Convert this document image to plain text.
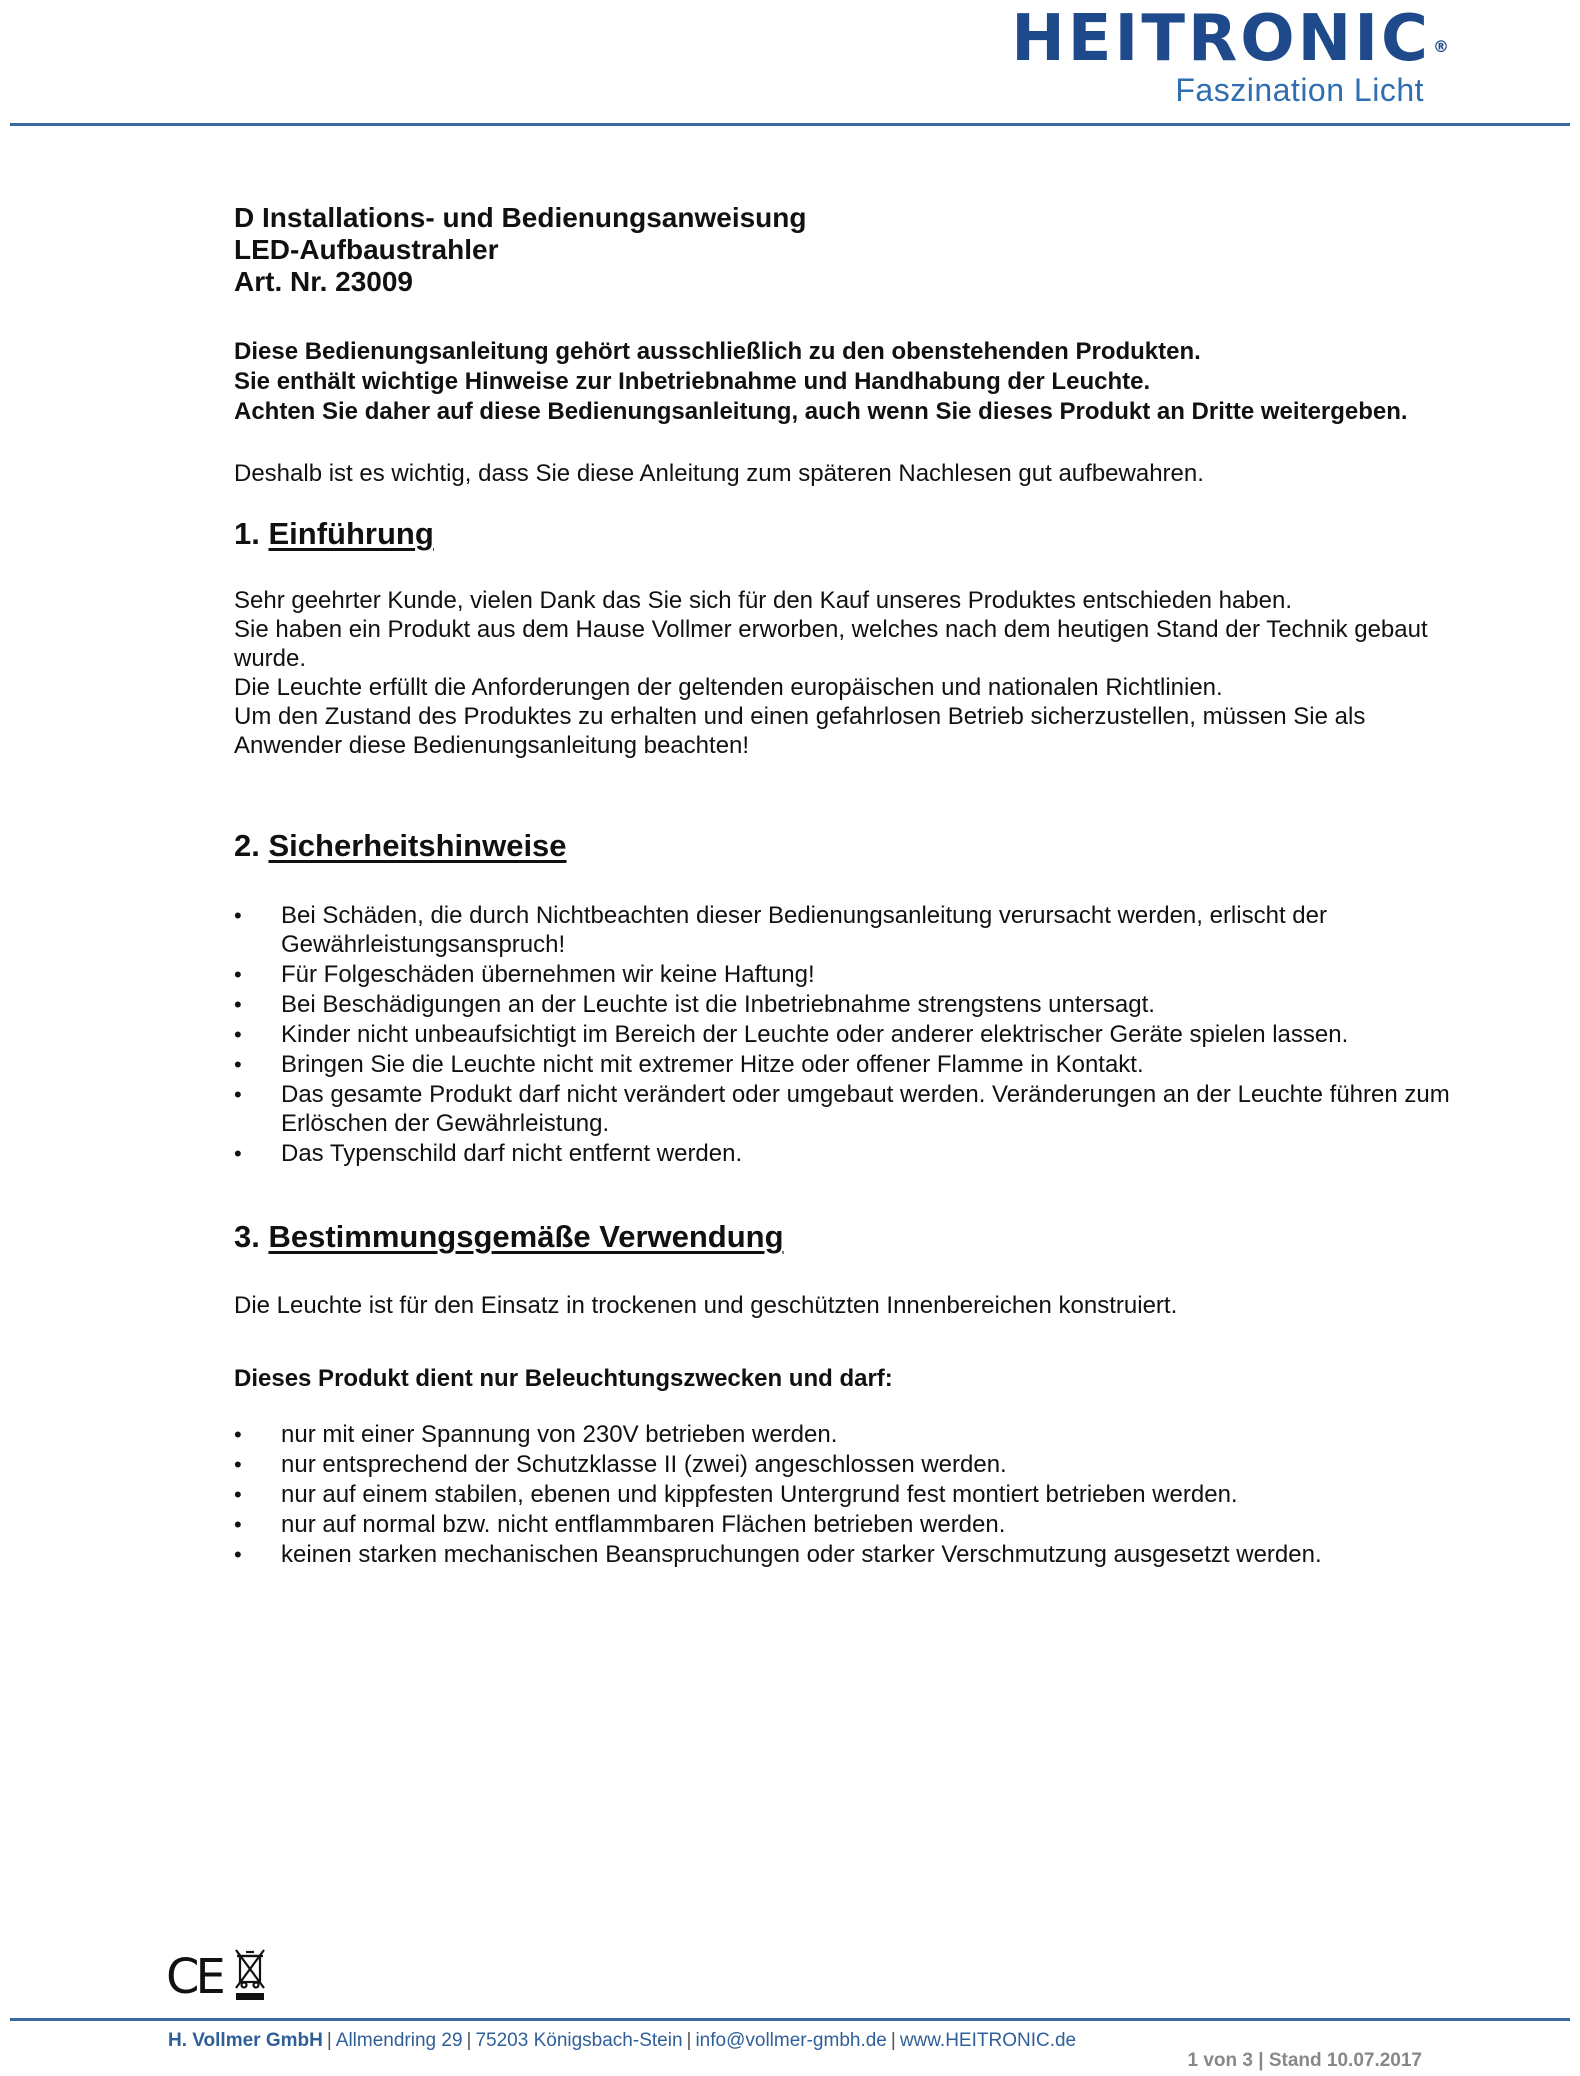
HEITRONIC ®
Faszination Licht
D Installations- und Bedienungsanweisung
LED-Aufbaustrahler
Art. Nr. 23009

Diese Bedienungsanleitung gehört ausschließlich zu den obenstehenden Produkten.

Sie enthält wichtige Hinweise zur Inbetriebnahme und Handhabung der Leuchte.

Achten Sie daher auf diese Bedienungsanleitung, auch wenn Sie dieses Produkt an Dritte weitergeben.

Deshalb ist es wichtig, dass Sie diese Anleitung zum späteren Nachlesen gut aufbewahren.

1. Einführung

Sehr geehrter Kunde, vielen Dank das Sie sich für den Kauf unseres Produktes entschieden haben.

Sie haben ein Produkt aus dem Hause Vollmer erworben, welches nach dem heutigen Stand der Technik gebaut wurde.

Die Leuchte erfüllt die Anforderungen der geltenden europäischen und nationalen Richtlinien.

Um den Zustand des Produktes zu erhalten und einen gefahrlosen Betrieb sicherzustellen, müssen Sie als Anwender diese Bedienungsanleitung beachten!

2. Sicherheitshinweise
• Bei Schäden, die durch Nichtbeachten dieser Bedienungsanleitung verursacht werden, erlischt der Gewährleistungsanspruch!
• Für Folgeschäden übernehmen wir keine Haftung!
• Bei Beschädigungen an der Leuchte ist die Inbetriebnahme strengstens untersagt.
• Kinder nicht unbeaufsichtigt im Bereich der Leuchte oder anderer elektrischer Geräte spielen lassen.
• Bringen Sie die Leuchte nicht mit extremer Hitze oder offener Flamme in Kontakt.
• Das gesamte Produkt darf nicht verändert oder umgebaut werden. Veränderungen an der Leuchte führen zum Erlöschen der Gewährleistung.
• Das Typenschild darf nicht entfernt werden.
3. Bestimmungsgemäße Verwendung

Die Leuchte ist für den Einsatz in trockenen und geschützten Innenbereichen konstruiert.

Dieses Produkt dient nur Beleuchtungszwecken und darf:

• nur mit einer Spannung von 230V betrieben werden.
• nur entsprechend der Schutzklasse II (zwei) angeschlossen werden.
• nur auf einem stabilen, ebenen und kippfesten Untergrund fest montiert betrieben werden.
• nur auf normal bzw. nicht entflammbaren Flächen betrieben werden.
• keinen starken mechanischen Beanspruchungen oder starker Verschmutzung ausgesetzt werden.
CE
H. Vollmer GmbH | Allmendring 29 | 75203 Königsbach-Stein | info@vollmer-gmbh.de | www.HEITRONIC.de
1 von 3 | Stand 10.07.2017
